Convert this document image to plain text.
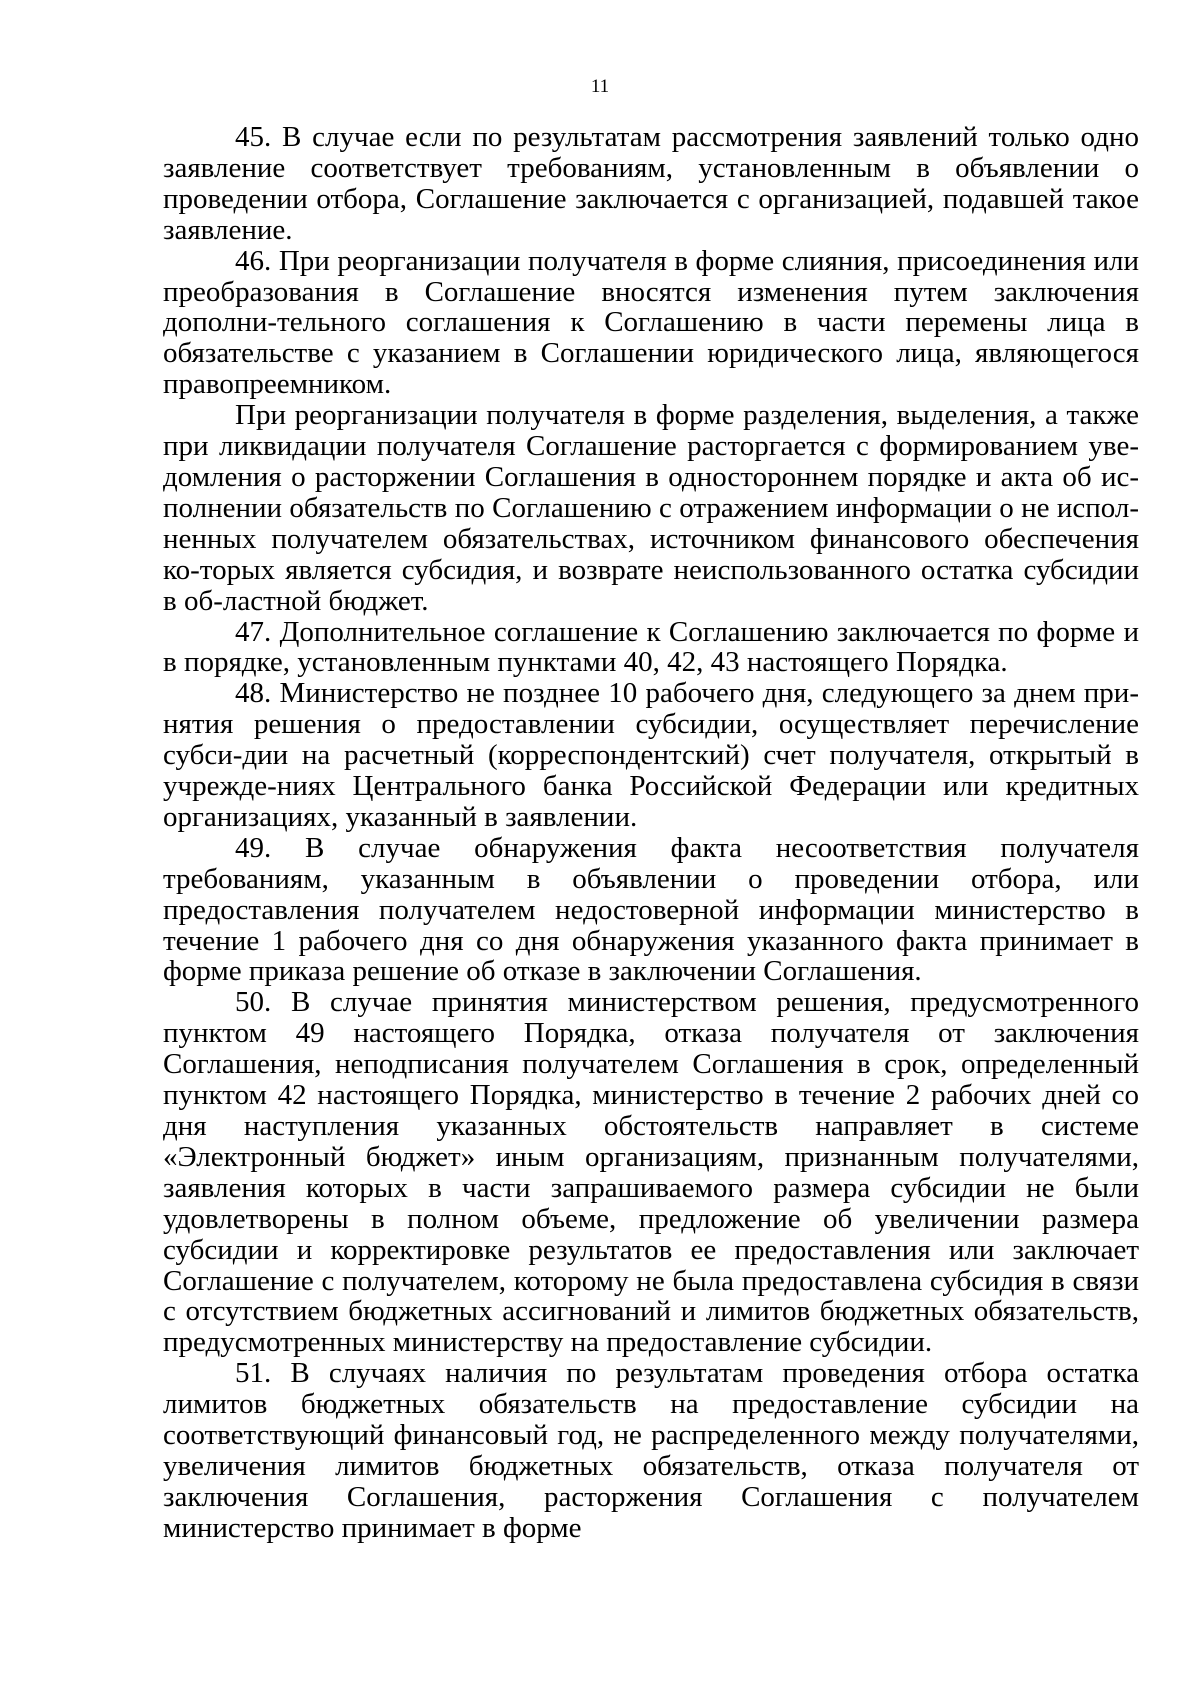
11

45. В случае если по результатам рассмотрения заявлений только одно заявление соответствует требованиям, установленным в объявлении о проведении отбора, Соглашение заключается с организацией, подавшей такое заявление.

46. При реорганизации получателя в форме слияния, присоединения или преобразования в Соглашение вносятся изменения путем заключения дополни-тельного соглашения к Соглашению в части перемены лица в обязательстве с указанием в Соглашении юридического лица, являющегося правопреемником.

При реорганизации получателя в форме разделения, выделения, а также при ликвидации получателя Соглашение расторгается с формированием уве-домления о расторжении Соглашения в одностороннем порядке и акта об ис-полнении обязательств по Соглашению с отражением информации о не испол-ненных получателем обязательствах, источником финансового обеспечения ко-торых является субсидия, и возврате неиспользованного остатка субсидии в об-ластной бюджет.

47. Дополнительное соглашение к Соглашению заключается по форме и в порядке, установленным пунктами 40, 42, 43 настоящего Порядка.

48. Министерство не позднее 10 рабочего дня, следующего за днем при-нятия решения о предоставлении субсидии, осуществляет перечисление субси-дии на расчетный (корреспондентский) счет получателя, открытый в учрежде-ниях Центрального банка Российской Федерации или кредитных организациях, указанный в заявлении.

49. В случае обнаружения факта несоответствия получателя требованиям, указанным в объявлении о проведении отбора, или предоставления получателем недостоверной информации министерство в течение 1 рабочего дня со дня обнаружения указанного факта принимает в форме приказа решение об отказе в заключении Соглашения.

50. В случае принятия министерством решения, предусмотренного пунктом 49 настоящего Порядка, отказа получателя от заключения Соглашения, неподписания получателем Соглашения в срок, определенный пунктом 42 настоящего Порядка, министерство в течение 2 рабочих дней со дня наступления указанных обстоятельств направляет в системе «Электронный бюджет» иным организациям, признанным получателями, заявления которых в части запрашиваемого размера субсидии не были удовлетворены в полном объеме, предложение об увеличении размера субсидии и корректировке результатов ее предоставления или заключает Соглашение с получателем, которому не была предоставлена субсидия в связи с отсутствием бюджетных ассигнований и лимитов бюджетных обязательств, предусмотренных министерству на предоставление субсидии.

51. В случаях наличия по результатам проведения отбора остатка лимитов бюджетных обязательств на предоставление субсидии на соответствующий финансовый год, не распределенного между получателями, увеличения лимитов бюджетных обязательств, отказа получателя от заключения Соглашения, расторжения Соглашения с получателем министерство принимает в форме
